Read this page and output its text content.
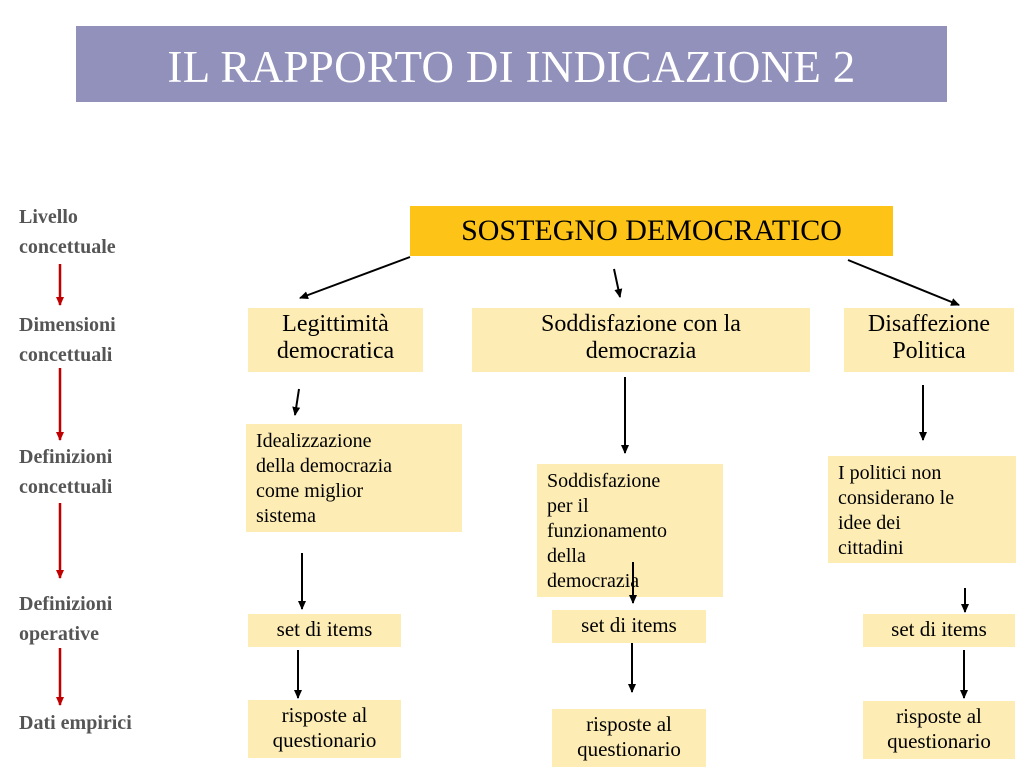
IL RAPPORTO DI INDICAZIONE 2
Livello
concettuale
Dimensioni
concettuali
Definizioni
concettuali
Definizioni
operative
Dati empirici
SOSTEGNO DEMOCRATICO
Legittimità
democratica
Soddisfazione con la
democrazia
Disaffezione
Politica
Idealizzazione
della democrazia
come miglior
sistema
Soddisfazione
per il
funzionamento
della
democrazia
I politici non
considerano le
idee dei
cittadini
set di items	set di items	set di items
risposte al
questionario
risposte al
questionario
risposte al
questionario
